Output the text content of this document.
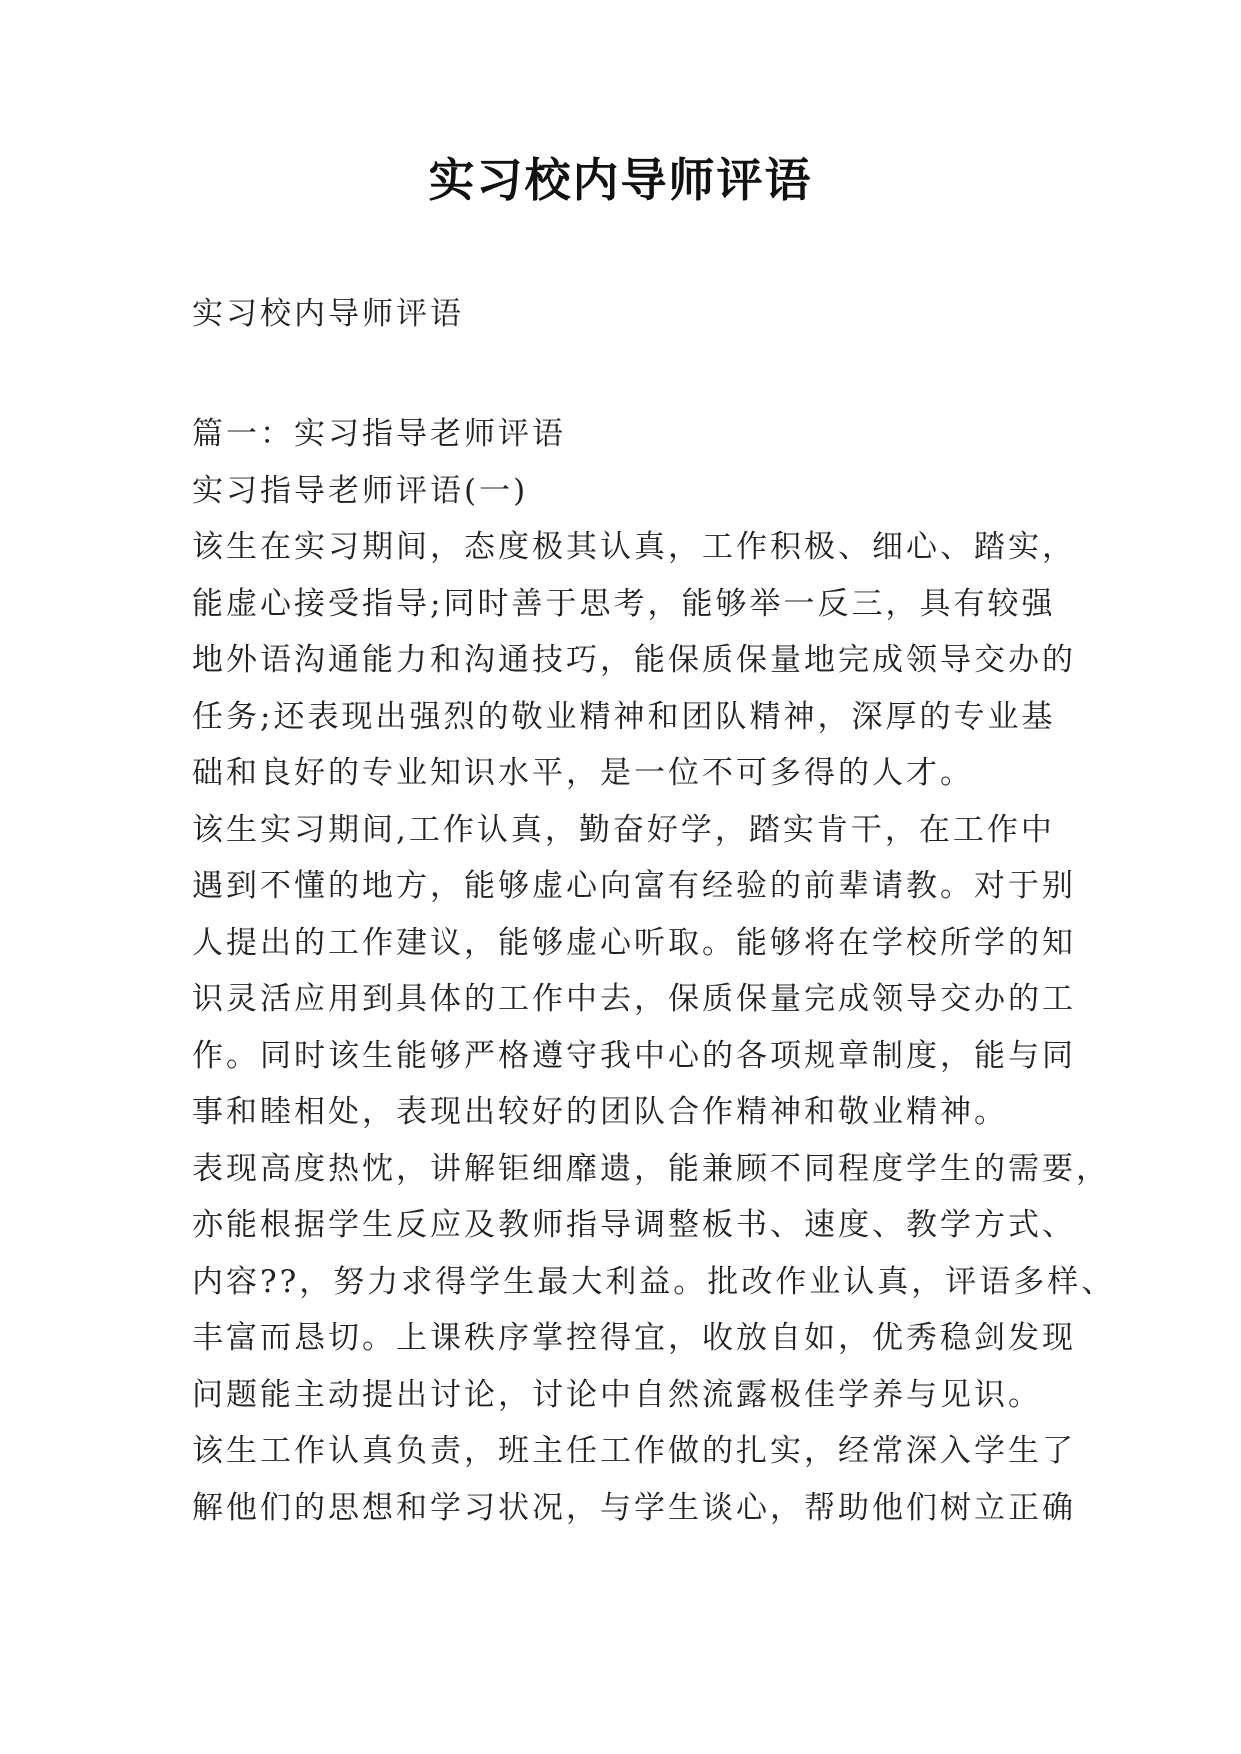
实习校内导师评语
实习校内导师评语
篇一：实习指导老师评语
实习指导老师评语(一)
该生在实习期间，态度极其认真，工作积极、细心、踏实，
能虚心接受指导;同时善于思考，能够举一反三，具有较强
地外语沟通能力和沟通技巧，能保质保量地完成领导交办的
任务;还表现出强烈的敬业精神和团队精神，深厚的专业基
础和良好的专业知识水平，是一位不可多得的人才。
该生实习期间,工作认真，勤奋好学，踏实肯干，在工作中
遇到不懂的地方，能够虚心向富有经验的前辈请教。对于别
人提出的工作建议，能够虚心听取。能够将在学校所学的知
识灵活应用到具体的工作中去，保质保量完成领导交办的工
作。同时该生能够严格遵守我中心的各项规章制度，能与同
事和睦相处，表现出较好的团队合作精神和敬业精神。
表现高度热忱，讲解钜细靡遗，能兼顾不同程度学生的需要，
亦能根据学生反应及教师指导调整板书、速度、教学方式、
内容??，努力求得学生最大利益。批改作业认真，评语多样、
丰富而恳切。上课秩序掌控得宜，收放自如，优秀稳剑发现
问题能主动提出讨论，讨论中自然流露极佳学养与见识。
该生工作认真负责，班主任工作做的扎实，经常深入学生了
解他们的思想和学习状况，与学生谈心，帮助他们树立正确
